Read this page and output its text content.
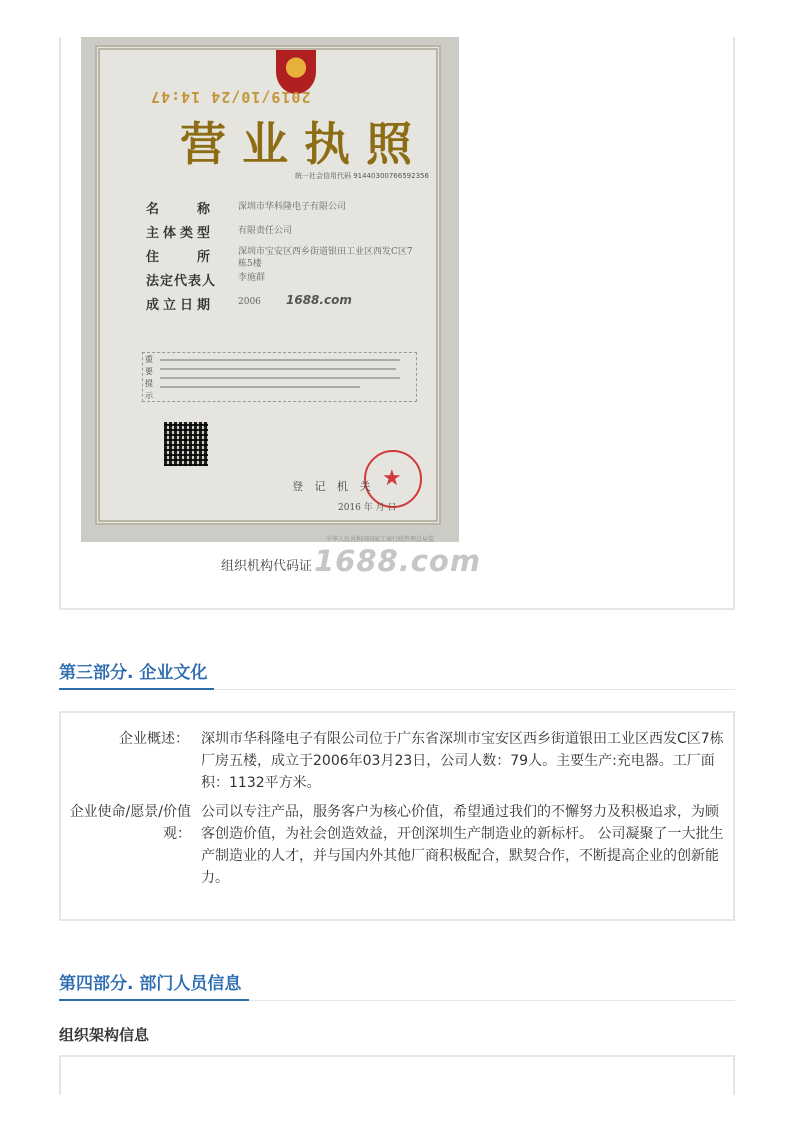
2019/10/24 14:47
营业执照
统一社会信用代码 91440300766592356
名　　称	深圳市华科隆电子有限公司
主体类型	有限责任公司
住　　所	深圳市宝安区西乡街道银田工业区西发C区7栋5楼
法定代表人 李施群
成立日期	2006	1688.com
重要提示
★
登 记 机 关
2016 年 月 日
中华人民共和国国家工商行政管理总局监
组织机构代码证 1688.com
第三部分. 企业文化
企业概述： 深圳市华科隆电子有限公司位于广东省深圳市宝安区西乡街道银田工业区西发C区7栋厂房五楼，成立于2006年03月23日，公司人数：79人。主要生产:充电器。工厂面积：1132平方米。
企业使命/愿景/价值观：
公司以专注产品，服务客户为核心价值，希望通过我们的不懈努力及积极追求，为顾客创造价值，为社会创造效益，开创深圳生产制造业的新标杆。 公司凝聚了一大批生产制造业的人才，并与国内外其他厂商积极配合，默契合作，不断提高企业的创新能力。
第四部分. 部门人员信息
组织架构信息
